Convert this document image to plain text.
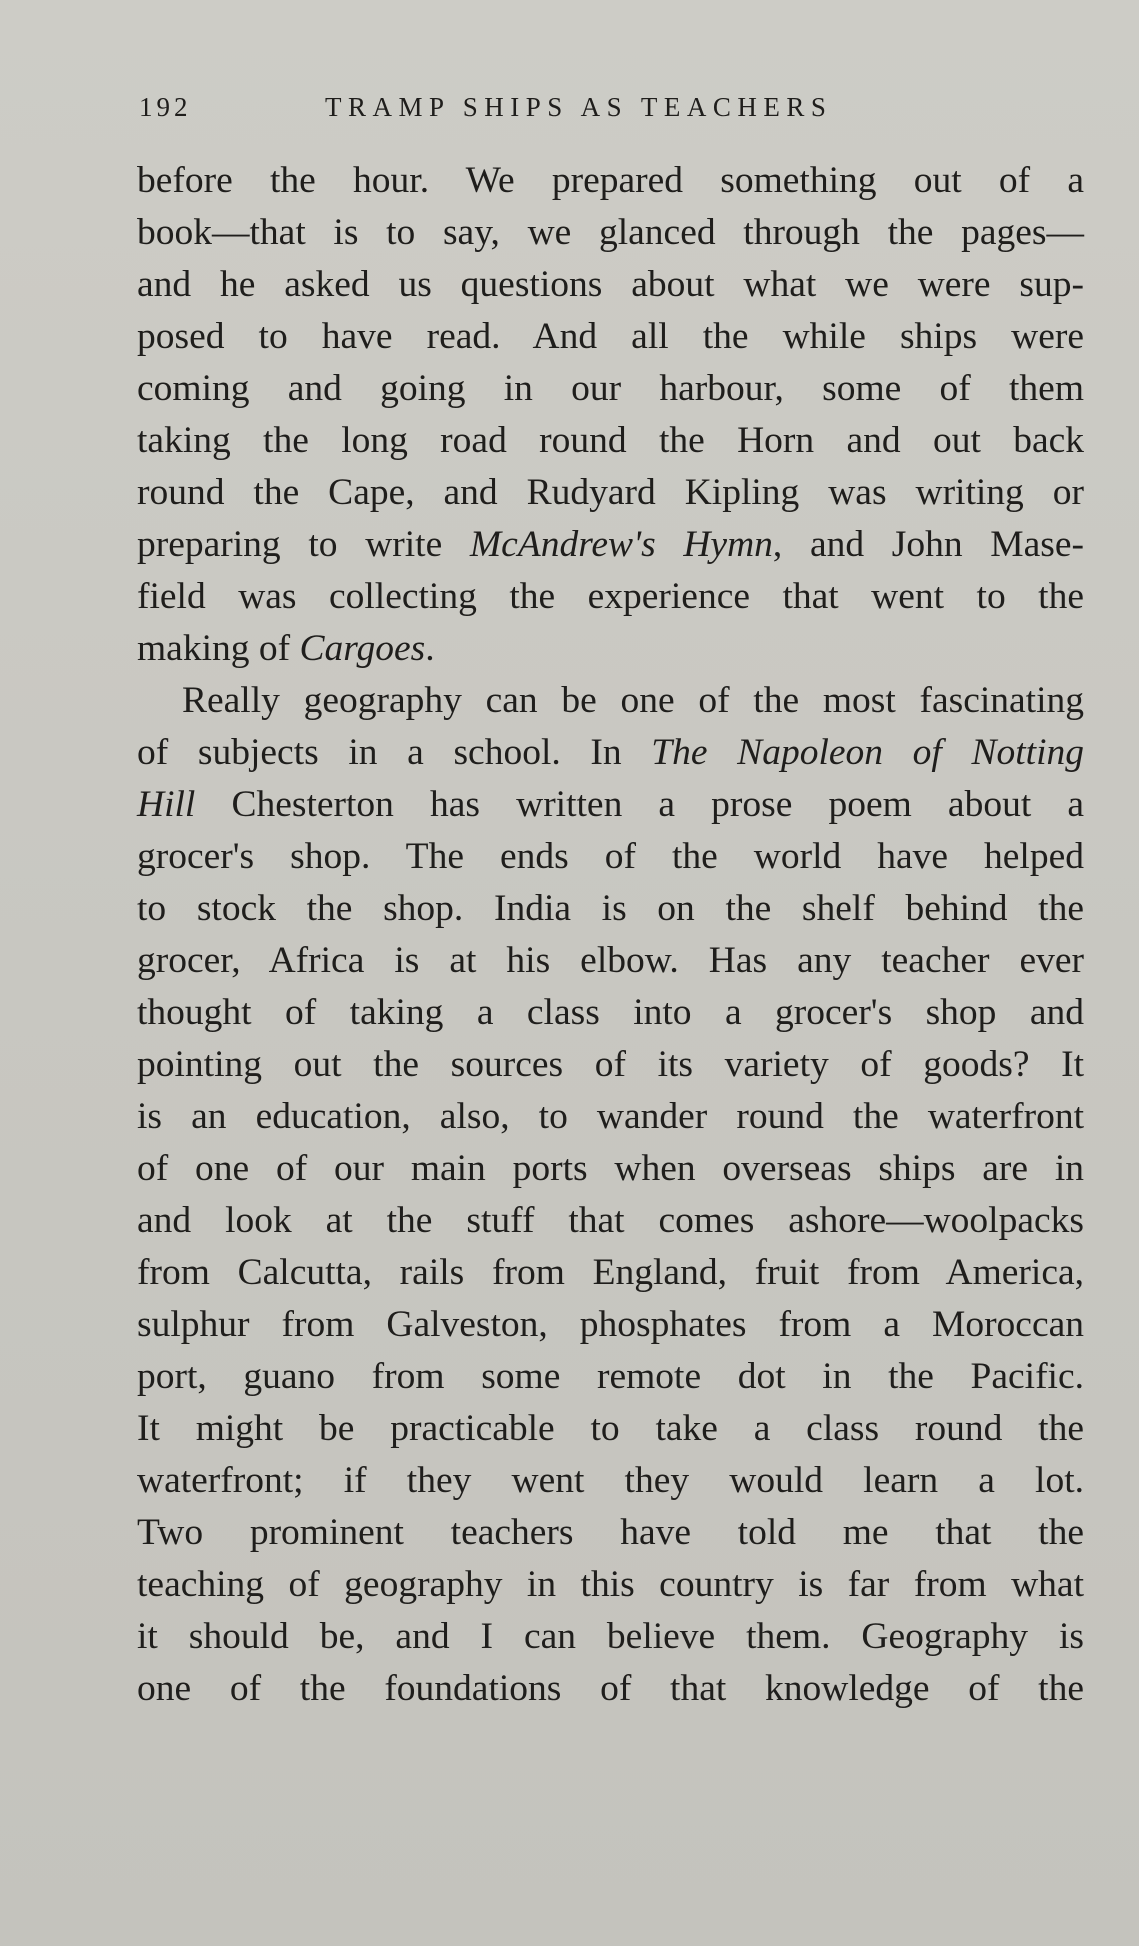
192	TRAMP SHIPS AS TEACHERS
before the hour. We prepared something out of a
book—that is to say, we glanced through the pages—
and he asked us questions about what we were sup-
posed to have read. And all the while ships were
coming and going in our harbour, some of them
taking the long road round the Horn and out back
round the Cape, and Rudyard Kipling was writing or
preparing to write McAndrew's Hymn, and John Mase-
field was collecting the experience that went to the
making of Cargoes.
Really geography can be one of the most fascinating
of subjects in a school. In The Napoleon of Notting
Hill Chesterton has written a prose poem about a
grocer's shop. The ends of the world have helped
to stock the shop. India is on the shelf behind the
grocer, Africa is at his elbow. Has any teacher ever
thought of taking a class into a grocer's shop and
pointing out the sources of its variety of goods? It
is an education, also, to wander round the waterfront
of one of our main ports when overseas ships are in
and look at the stuff that comes ashore—woolpacks
from Calcutta, rails from England, fruit from America,
sulphur from Galveston, phosphates from a Moroccan
port, guano from some remote dot in the Pacific.
It might be practicable to take a class round the
waterfront; if they went they would learn a lot.
Two prominent teachers have told me that the
teaching of geography in this country is far from what
it should be, and I can believe them. Geography is
one of the foundations of that knowledge of the
